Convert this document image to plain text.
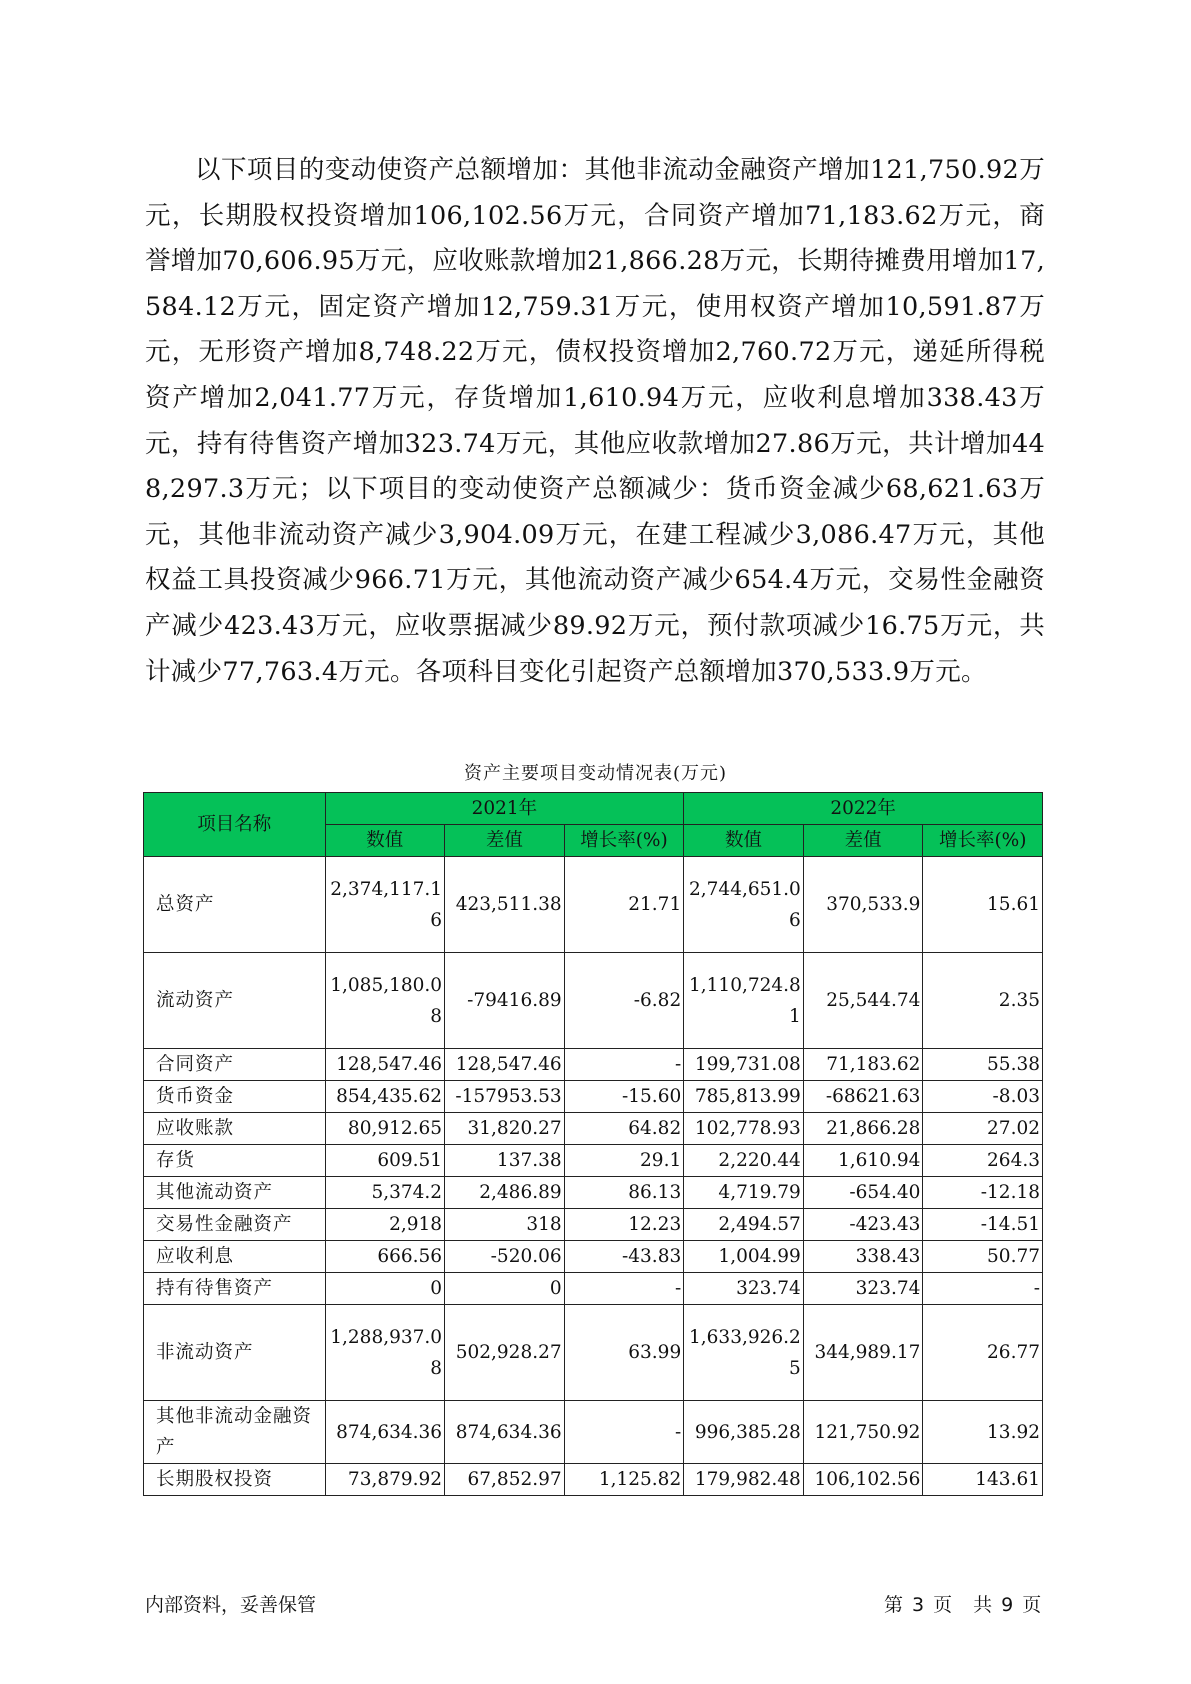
以下项目的变动使资产总额增加：其他非流动金融资产增加121,750.92万元，长期股权投资增加106,102.56万元，合同资产增加71,183.62万元，商誉增加70,606.95万元，应收账款增加21,866.28万元，长期待摊费用增加17,584.12万元，固定资产增加12,759.31万元，使用权资产增加10,591.87万元，无形资产增加8,748.22万元，债权投资增加2,760.72万元，递延所得税资产增加2,041.77万元，存货增加1,610.94万元，应收利息增加338.43万元，持有待售资产增加323.74万元，其他应收款增加27.86万元，共计增加448,297.3万元；以下项目的变动使资产总额减少：货币资金减少68,621.63万元，其他非流动资产减少3,904.09万元，在建工程减少3,086.47万元，其他权益工具投资减少966.71万元，其他流动资产减少654.4万元，交易性金融资产减少423.43万元，应收票据减少89.92万元，预付款项减少16.75万元，共计减少77,763.4万元。各项科目变化引起资产总额增加370,533.9万元。

资产主要项目变动情况表(万元)
项目名称	2021年			2022年		
	数值	差值	增长率(%)	数值	差值	增长率(%)
总资产	2,374,117.16	423,511.38	21.71	2,744,651.06	370,533.9	15.61
流动资产	1,085,180.08	-79416.89	-6.82	1,110,724.81	25,544.74	2.35
合同资产	128,547.46	128,547.46	-	199,731.08	71,183.62	55.38
货币资金	854,435.62	-157953.53	-15.60	785,813.99	-68621.63	-8.03
应收账款	80,912.65	31,820.27	64.82	102,778.93	21,866.28	27.02
存货	609.51	137.38	29.1	2,220.44	1,610.94	264.3
其他流动资产	5,374.2	2,486.89	86.13	4,719.79	-654.40	-12.18
交易性金融资产	2,918	318	12.23	2,494.57	-423.43	-14.51
应收利息	666.56	-520.06	-43.83	1,004.99	338.43	50.77
持有待售资产	0	0	-	323.74	323.74	-
非流动资产	1,288,937.08	502,928.27	63.99	1,633,926.25	344,989.17	26.77
其他非流动金融资产	874,634.36	874,634.36	-	996,385.28	121,750.92	13.92
长期股权投资	73,879.92	67,852.97	1,125.82	179,982.48	106,102.56	143.61
内部资料，妥善保管	第 3 页　共 9 页
